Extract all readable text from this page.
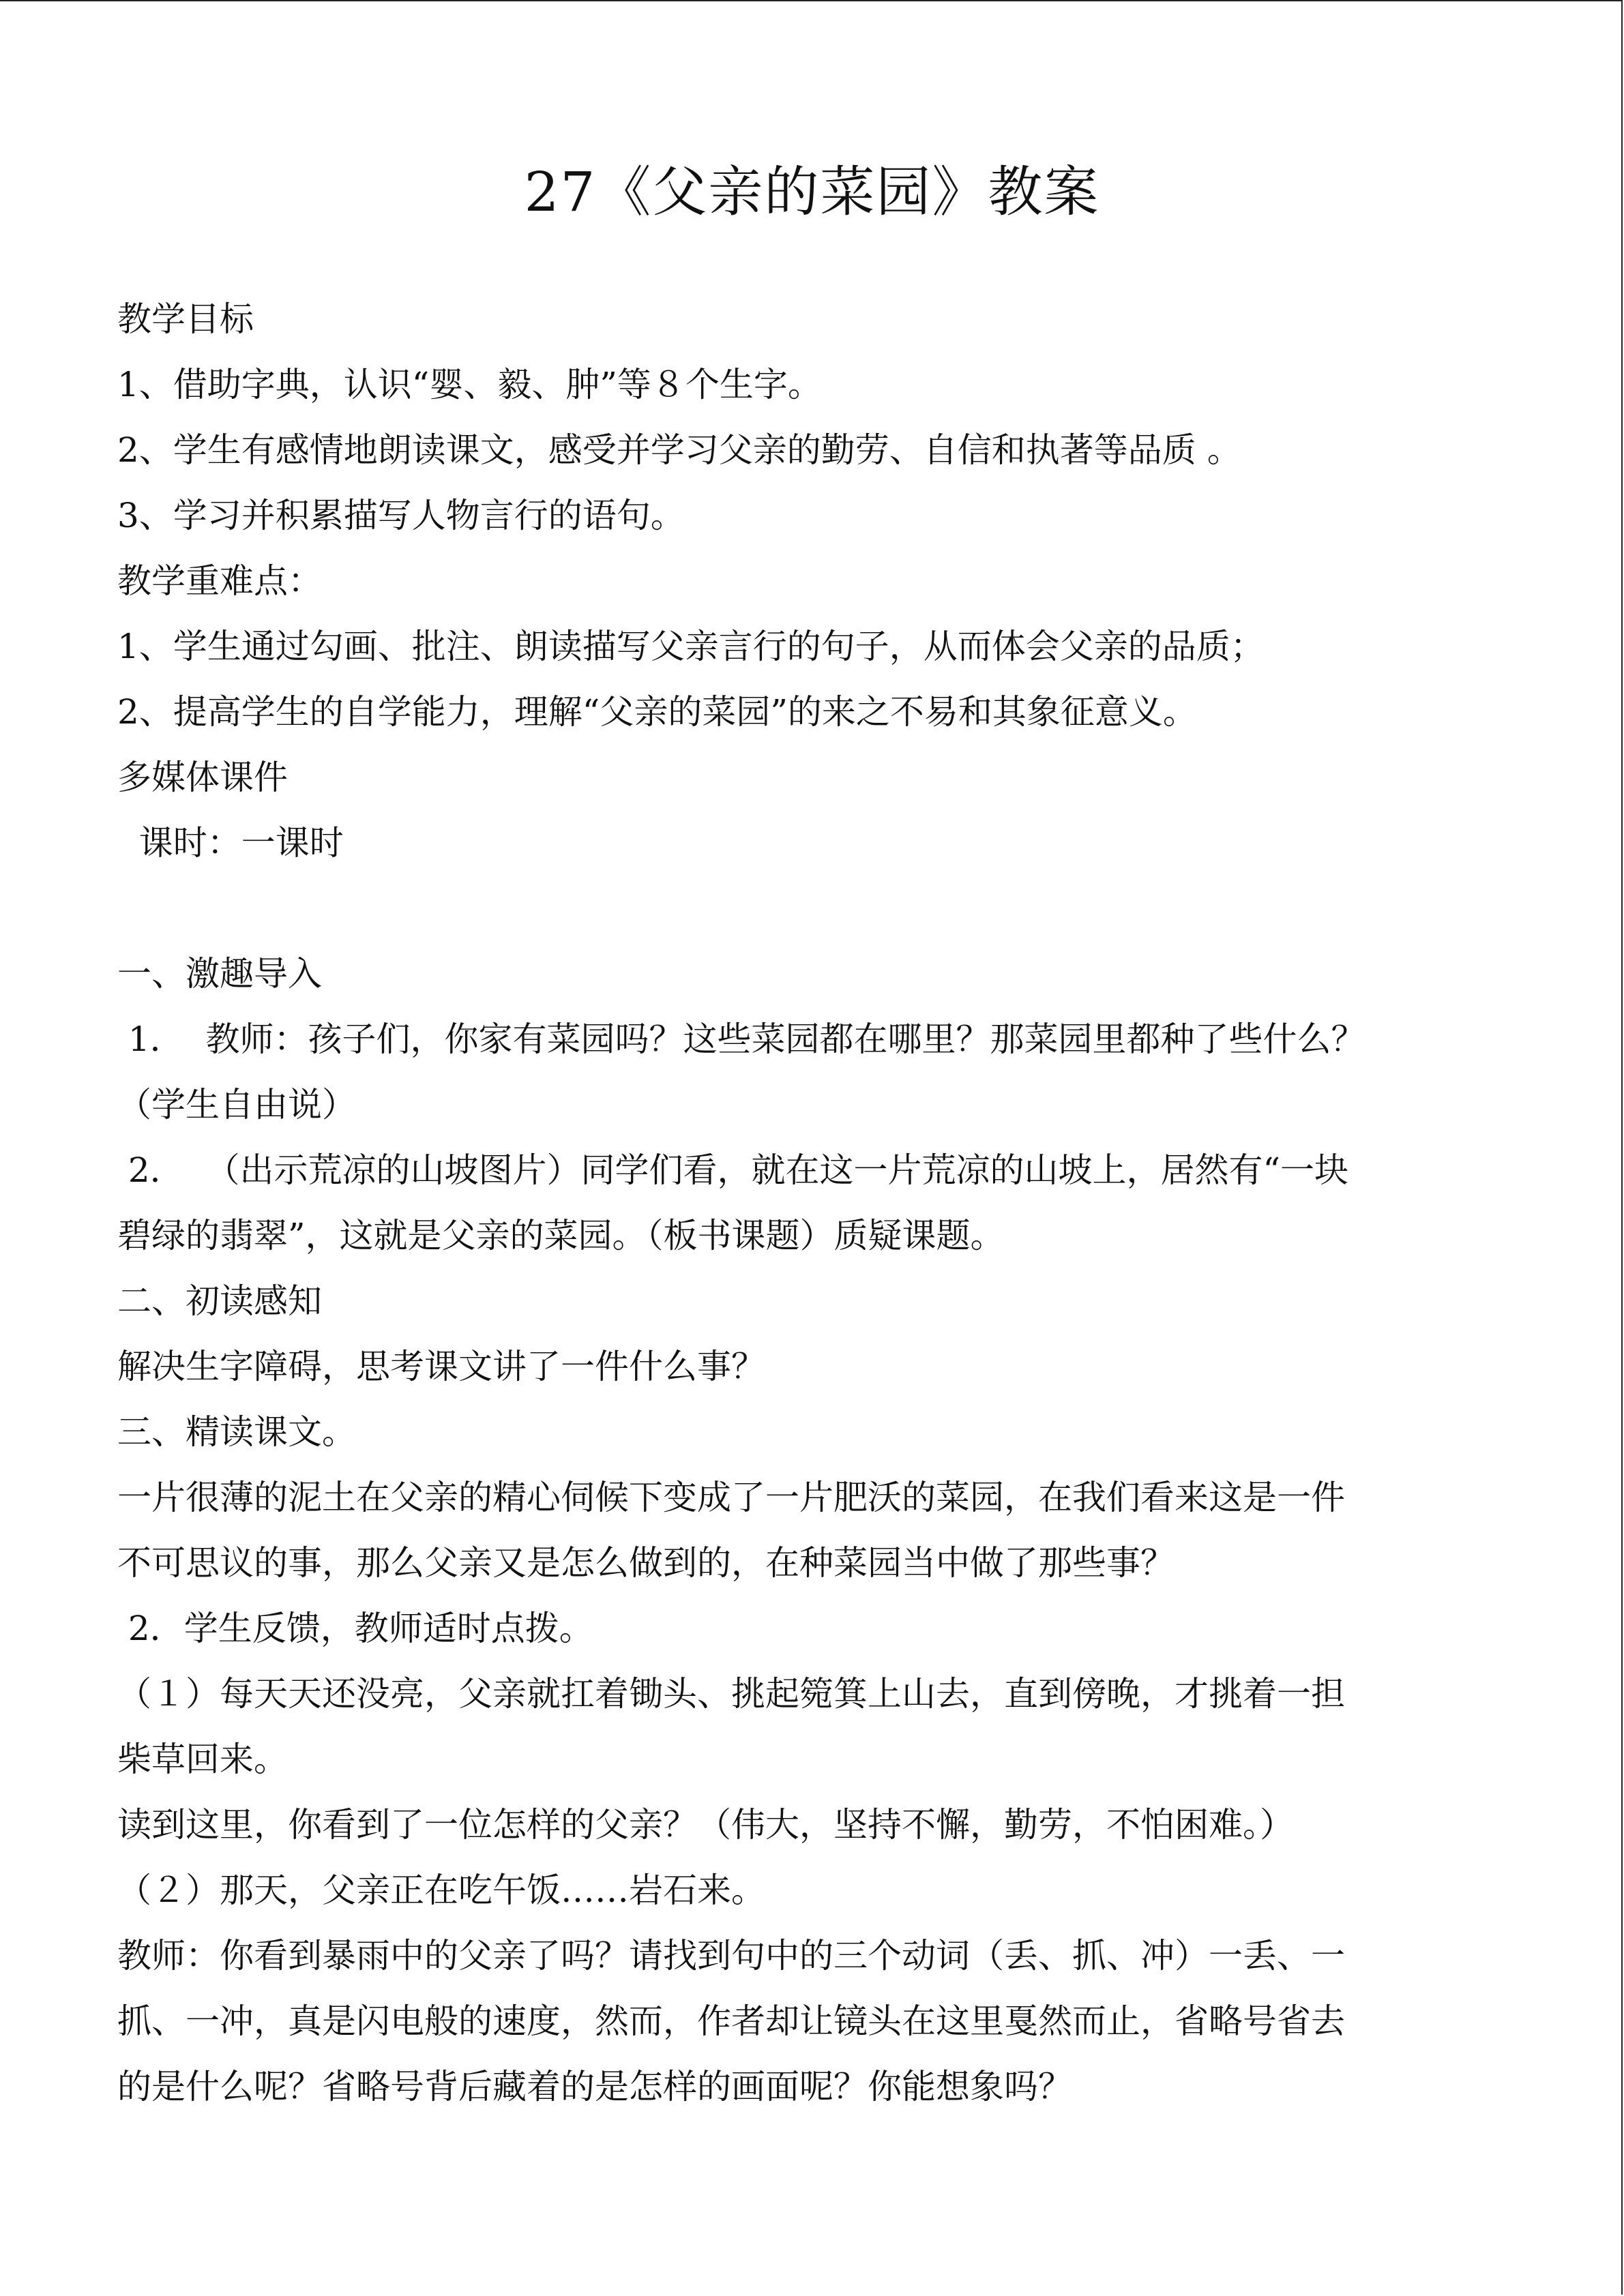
27《父亲的菜园》教案
教学目标
1、借助字典，认识“婴、毅、肿”等８个生字。
2、学生有感情地朗读课文，感受并学习父亲的勤劳、自信和执著等品质 。
3、学习并积累描写人物言行的语句。
教学重难点：
1、学生通过勾画、批注、朗读描写父亲言行的句子，从而体会父亲的品质；
2、提高学生的自学能力，理解“父亲的菜园”的来之不易和其象征意义。
多媒体课件
课时：一课时
一、激趣导入
1．  教师：孩子们，你家有菜园吗？这些菜园都在哪里？那菜园里都种了些什么？
（学生自由说）
2．  （出示荒凉的山坡图片）同学们看，就在这一片荒凉的山坡上，居然有“一块
碧绿的翡翠”，这就是父亲的菜园。（板书课题）质疑课题。
二、初读感知
解决生字障碍，思考课文讲了一件什么事？
三、精读课文。
一片很薄的泥土在父亲的精心伺候下变成了一片肥沃的菜园，在我们看来这是一件
不可思议的事，那么父亲又是怎么做到的，在种菜园当中做了那些事？
2．学生反馈，教师适时点拨。
（１）每天天还没亮，父亲就扛着锄头、挑起箢箕上山去，直到傍晚，才挑着一担
柴草回来。
读到这里，你看到了一位怎样的父亲？（伟大，坚持不懈，勤劳，不怕困难。）
（２）那天，父亲正在吃午饭……岩石来。
教师：你看到暴雨中的父亲了吗？请找到句中的三个动词（丢、抓、冲）一丢、一
抓、一冲，真是闪电般的速度，然而，作者却让镜头在这里戛然而止，省略号省去
的是什么呢？省略号背后藏着的是怎样的画面呢？你能想象吗？
